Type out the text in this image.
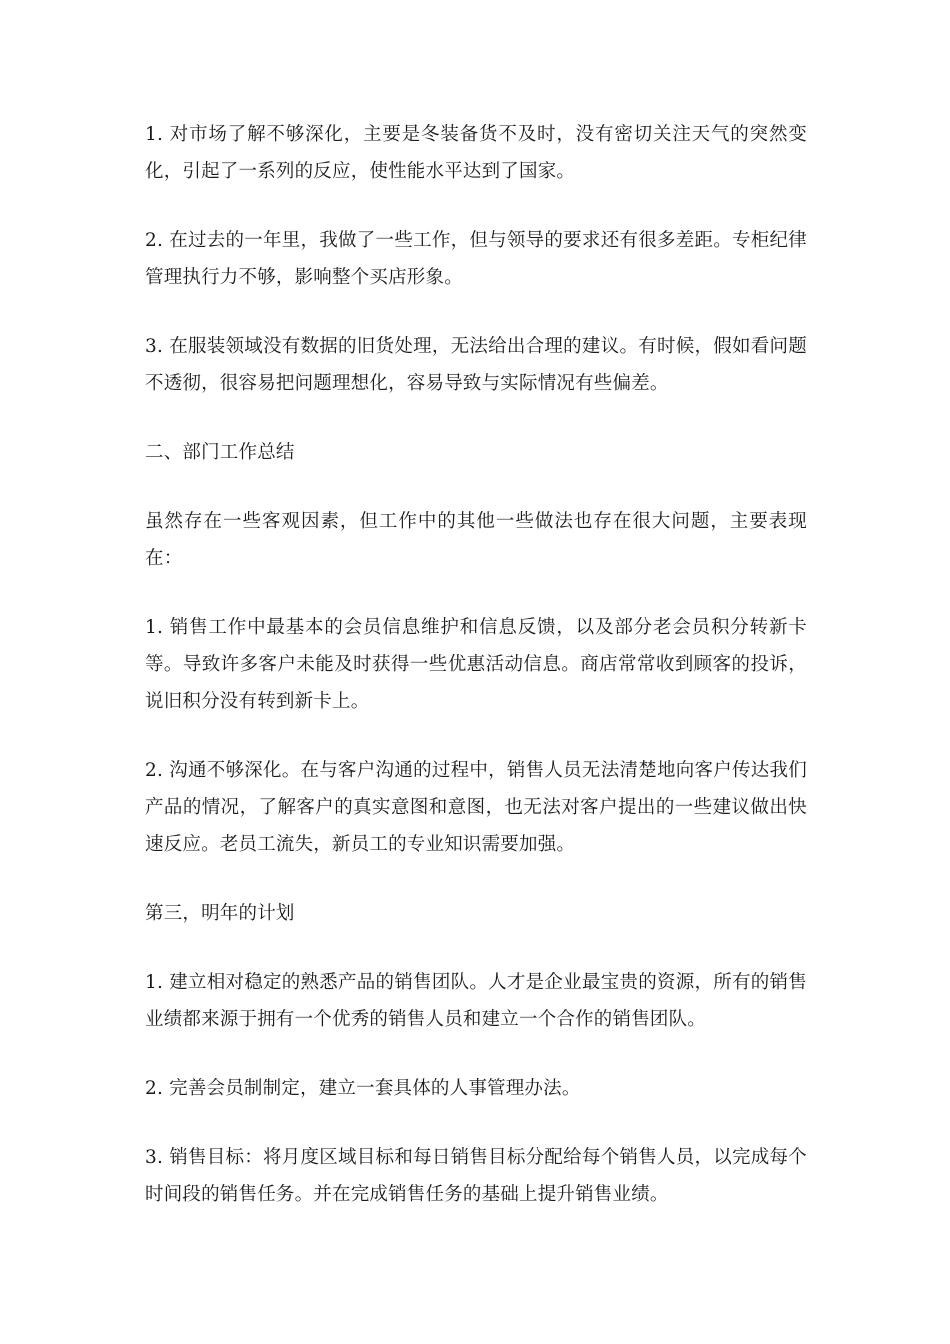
1. 对市场了解不够深化，主要是冬装备货不及时，没有密切关注天气的突然变化，引起了一系列的反应，使性能水平达到了国家。

2. 在过去的一年里，我做了一些工作，但与领导的要求还有很多差距。专柜纪律管理执行力不够，影响整个买店形象。

3. 在服装领域没有数据的旧货处理，无法给出合理的建议。有时候，假如看问题不透彻，很容易把问题理想化，容易导致与实际情况有些偏差。

二、部门工作总结

虽然存在一些客观因素，但工作中的其他一些做法也存在很大问题，主要表现在：

1. 销售工作中最基本的会员信息维护和信息反馈，以及部分老会员积分转新卡等。导致许多客户未能及时获得一些优惠活动信息。商店常常收到顾客的投诉，说旧积分没有转到新卡上。

2. 沟通不够深化。在与客户沟通的过程中，销售人员无法清楚地向客户传达我们产品的情况，了解客户的真实意图和意图，也无法对客户提出的一些建议做出快速反应。老员工流失，新员工的专业知识需要加强。

第三，明年的计划

1. 建立相对稳定的熟悉产品的销售团队。人才是企业最宝贵的资源，所有的销售业绩都来源于拥有一个优秀的销售人员和建立一个合作的销售团队。

2. 完善会员制制定，建立一套具体的人事管理办法。

3. 销售目标：将月度区域目标和每日销售目标分配给每个销售人员，以完成每个时间段的销售任务。并在完成销售任务的基础上提升销售业绩。
